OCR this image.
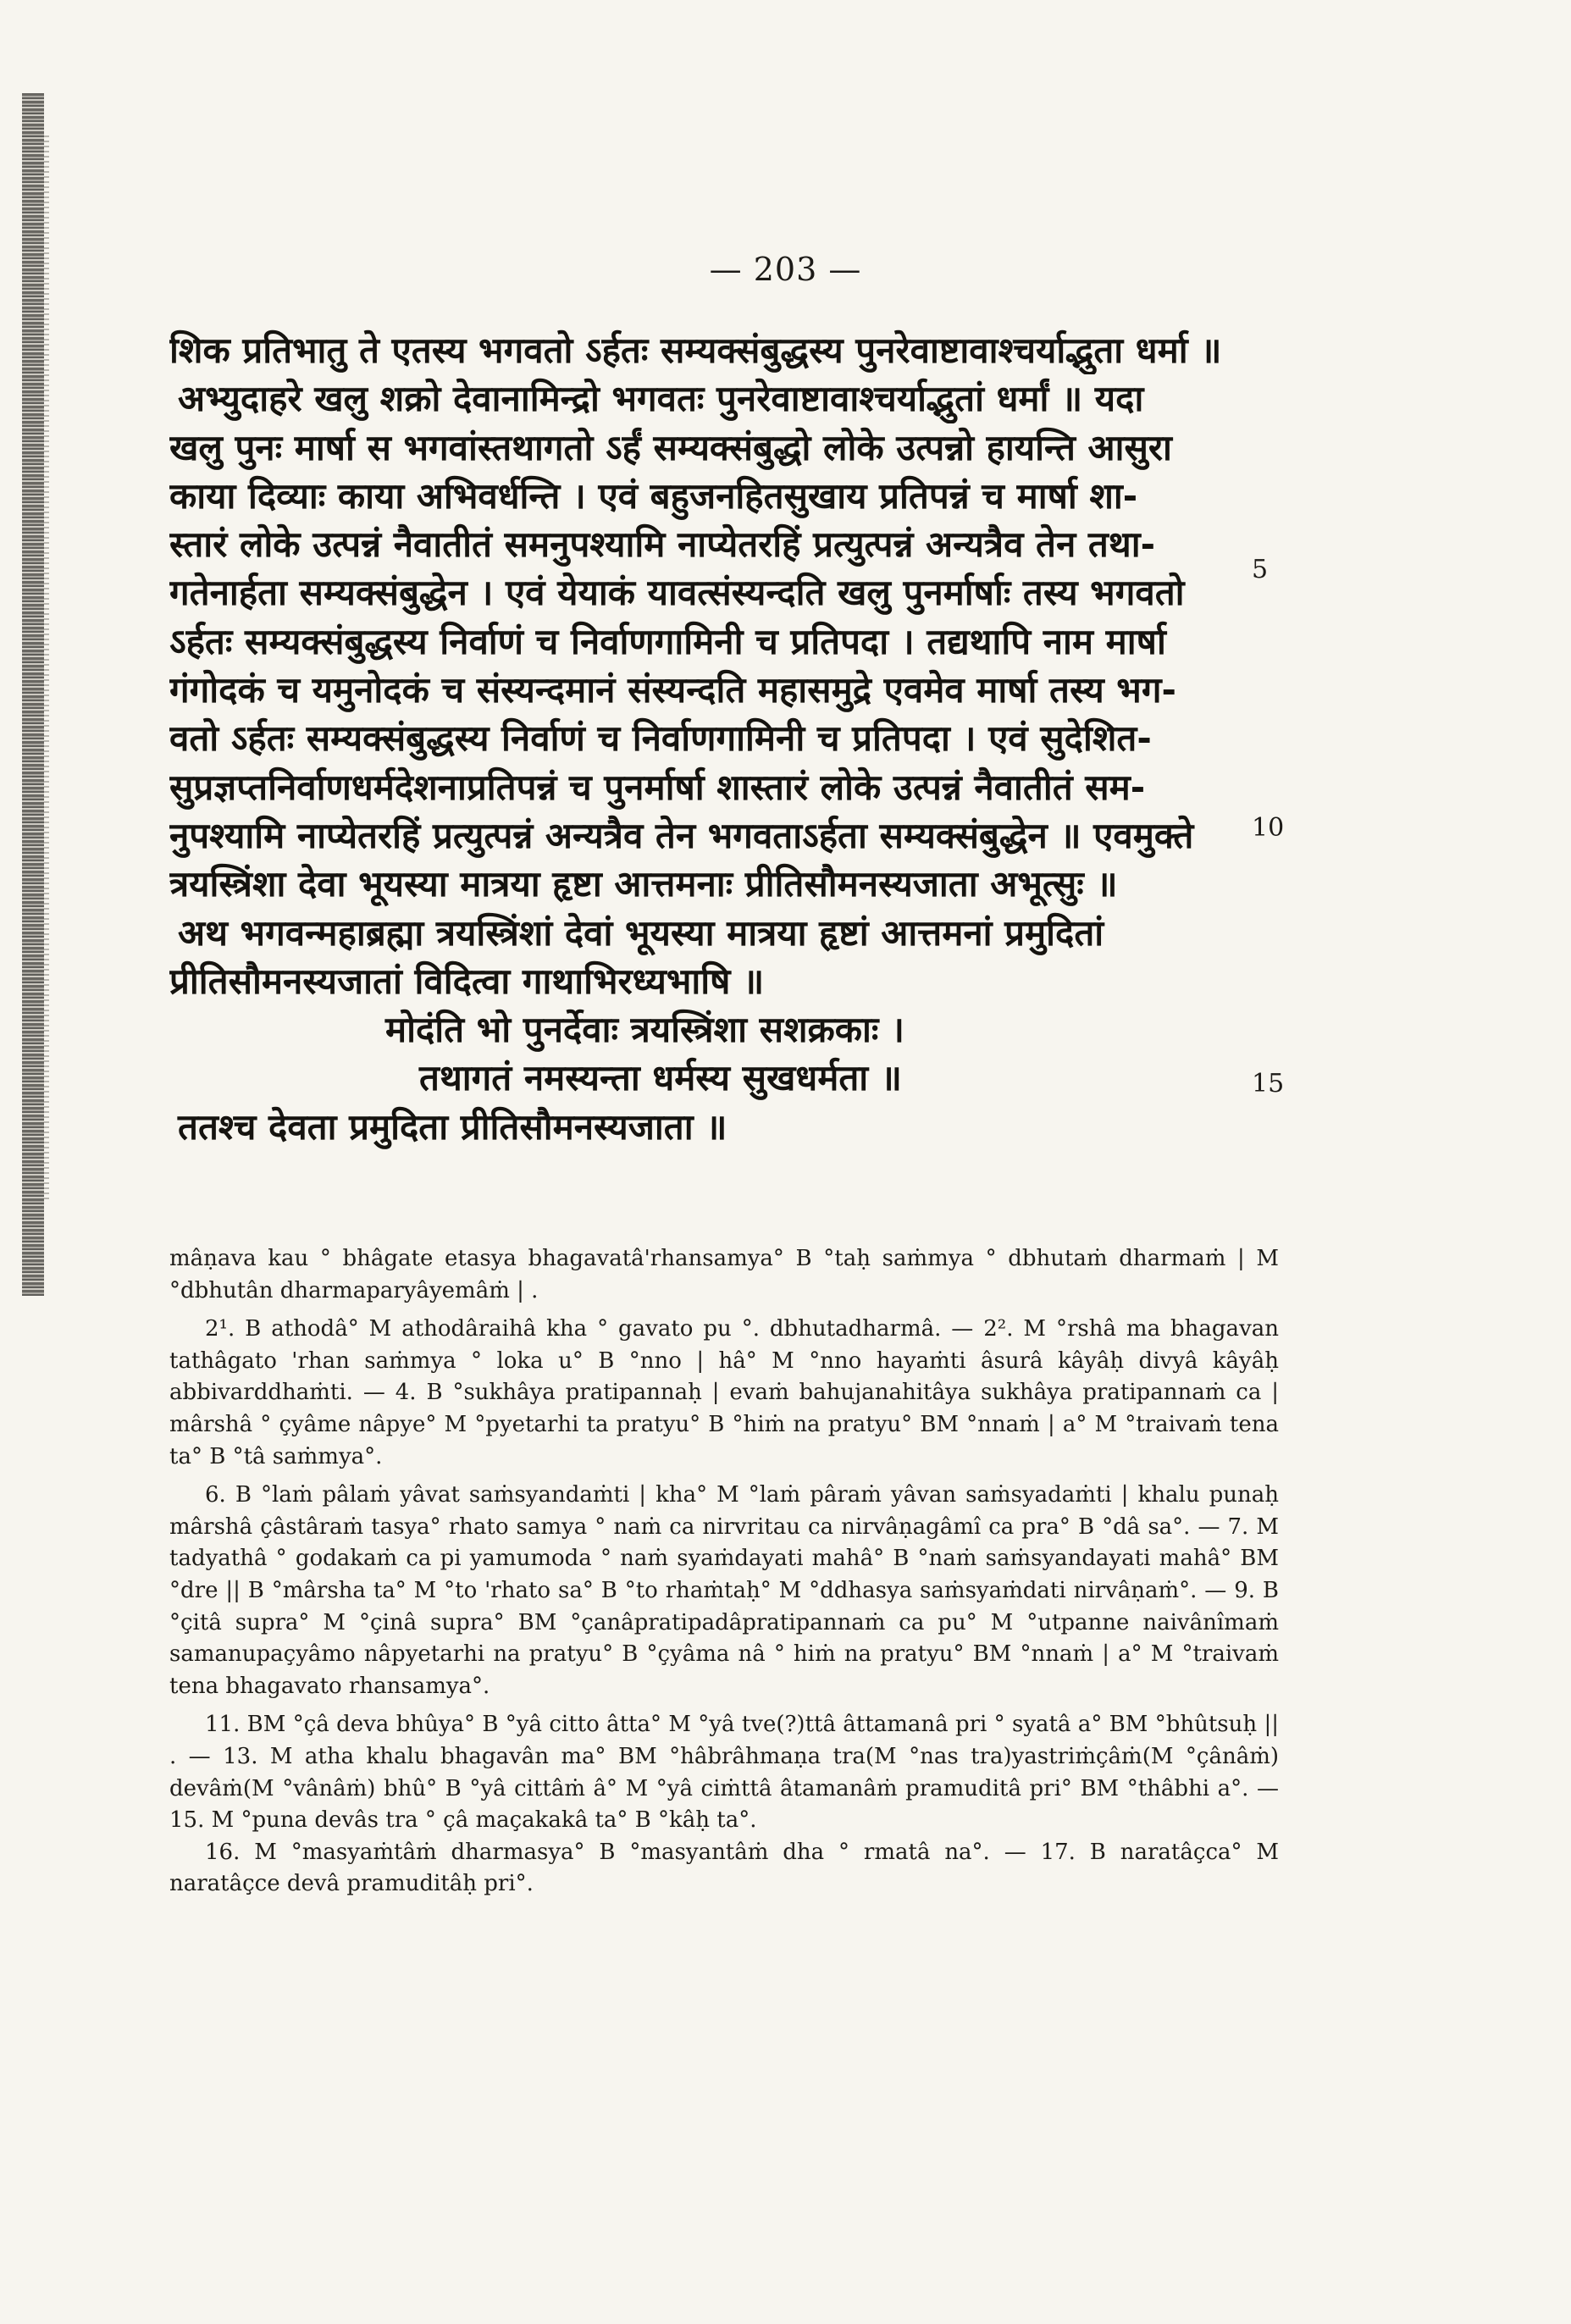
— 203 —
शिक प्रतिभातु ते एतस्य भगवतो ऽर्हतः सम्यक्संबुद्धस्य पुनरेवाष्टावाश्चर्याद्भुता धर्मा ॥
अभ्युदाहरे खलु शक्रो देवानामिन्द्रो भगवतः पुनरेवाष्टावाश्चर्याद्भुतां धर्मां ॥ यदा
खलु पुनः मार्षा स भगवांस्तथागतो ऽर्हं सम्यक्संबुद्धो लोके उत्पन्नो हायन्ति आसुरा
काया दिव्याः काया अभिवर्धन्ति । एवं बहुजनहितसुखाय प्रतिपन्नं च मार्षा शा-
स्तारं लोके उत्पन्नं नैवातीतं समनुपश्यामि नाप्येतरहिं प्रत्युत्पन्नं अन्यत्रैव तेन तथा-
गतेनार्हता सम्यक्संबुद्धेन । एवं येयाकं यावत्संस्यन्दति खलु पुनर्मार्षाः तस्य भगवतो
ऽर्हतः सम्यक्संबुद्धस्य निर्वाणं च निर्वाणगामिनी च प्रतिपदा । तद्यथापि नाम मार्षा
गंगोदकं च यमुनोदकं च संस्यन्दमानं संस्यन्दति महासमुद्रे एवमेव मार्षा तस्य भग-
वतो ऽर्हतः सम्यक्संबुद्धस्य निर्वाणं च निर्वाणगामिनी च प्रतिपदा । एवं सुदेशित-
सुप्रज्ञप्तनिर्वाणधर्मदेशनाप्रतिपन्नं च पुनर्मार्षा शास्तारं लोके उत्पन्नं नैवातीतं सम-
नुपश्यामि नाप्येतरहिं प्रत्युत्पन्नं अन्यत्रैव तेन भगवताऽर्हता सम्यक्संबुद्धेन ॥ एवमुक्ते
त्रयस्त्रिंशा देवा भूयस्या मात्रया हृष्टा आत्तमनाः प्रीतिसौमनस्यजाता अभूत्सुः ॥
अथ भगवन्महाब्रह्मा त्रयस्त्रिंशां देवां भूयस्या मात्रया हृष्टां आत्तमनां प्रमुदितां
प्रीतिसौमनस्यजातां विदित्वा गाथाभिरध्यभाषि ॥
मोदंति भो पुनर्देवाः त्रयस्त्रिंशा सशक्रकाः ।
तथागतं नमस्यन्ता धर्मस्य सुखधर्मता ॥
ततश्च देवता प्रमुदिता प्रीतिसौमनस्यजाता ॥
5
10
15

mâṇava kau ° bhâgate etasya bhagavatâ'rhansamya° B °taḥ saṁmya ° dbhutaṁ dharmaṁ | M °dbhutân dharmaparyâyemâṁ | .

2¹. B athodâ° M athodâraihâ kha ° gavato pu °. dbhutadharmâ. — 2². M °rshâ ma bhagavan tathâgato 'rhan saṁmya ° loka u° B °nno | hâ° M °nno hayaṁti âsurâ kâyâḥ divyâ kâyâḥ abbivarddhaṁti. — 4. B °sukhâya pratipannaḥ | evaṁ bahujanahitâya sukhâya pratipannaṁ ca | mârshâ ° çyâme nâpye° M °pyetarhi ta pratyu° B °hiṁ na pratyu° BM °nnaṁ | a° M °traivaṁ tena ta° B °tâ saṁmya°.

6. B °laṁ pâlaṁ yâvat saṁsyandaṁti | kha° M °laṁ pâraṁ yâvan saṁsyadaṁti | khalu punaḥ mârshâ çâstâraṁ tasya° rhato samya ° naṁ ca nirvritau ca nirvâṇagâmî ca pra° B °dâ sa°. — 7. M tadyathâ ° godakaṁ ca pi yamumoda ° naṁ syaṁdayati mahâ° B °naṁ saṁsyandayati mahâ° BM °dre || B °mârsha ta° M °to 'rhato sa° B °to rhaṁtaḥ° M °ddhasya saṁsyaṁdati nirvâṇaṁ°. — 9. B °çitâ supra° M °çinâ supra° BM °çanâpratipadâpratipannaṁ ca pu° M °utpanne naivânîmaṁ samanupaçyâmo nâpyetarhi na pratyu° B °çyâma nâ ° hiṁ na pratyu° BM °nnaṁ | a° M °traivaṁ tena bhagavato rhansamya°.

11. BM °çâ deva bhûya° B °yâ citto âtta° M °yâ tve(?)ttâ âttamanâ pri ° syatâ a° BM °bhûtsuḥ || . — 13. M atha khalu bhagavân ma° BM °hâbrâhmaṇa tra(M °nas tra)yastriṁçâṁ(M °çânâṁ) devâṁ(M °vânâṁ) bhû° B °yâ cittâṁ â° M °yâ ciṁttâ âtamanâṁ pramuditâ pri° BM °thâbhi a°. — 15. M °puna devâs tra ° çâ maçakakâ ta° B °kâḥ ta°.

16. M °masyaṁtâṁ dharmasya° B °masyantâṁ dha ° rmatâ na°. — 17. B naratâçca° M naratâçce devâ pramuditâḥ pri°.
